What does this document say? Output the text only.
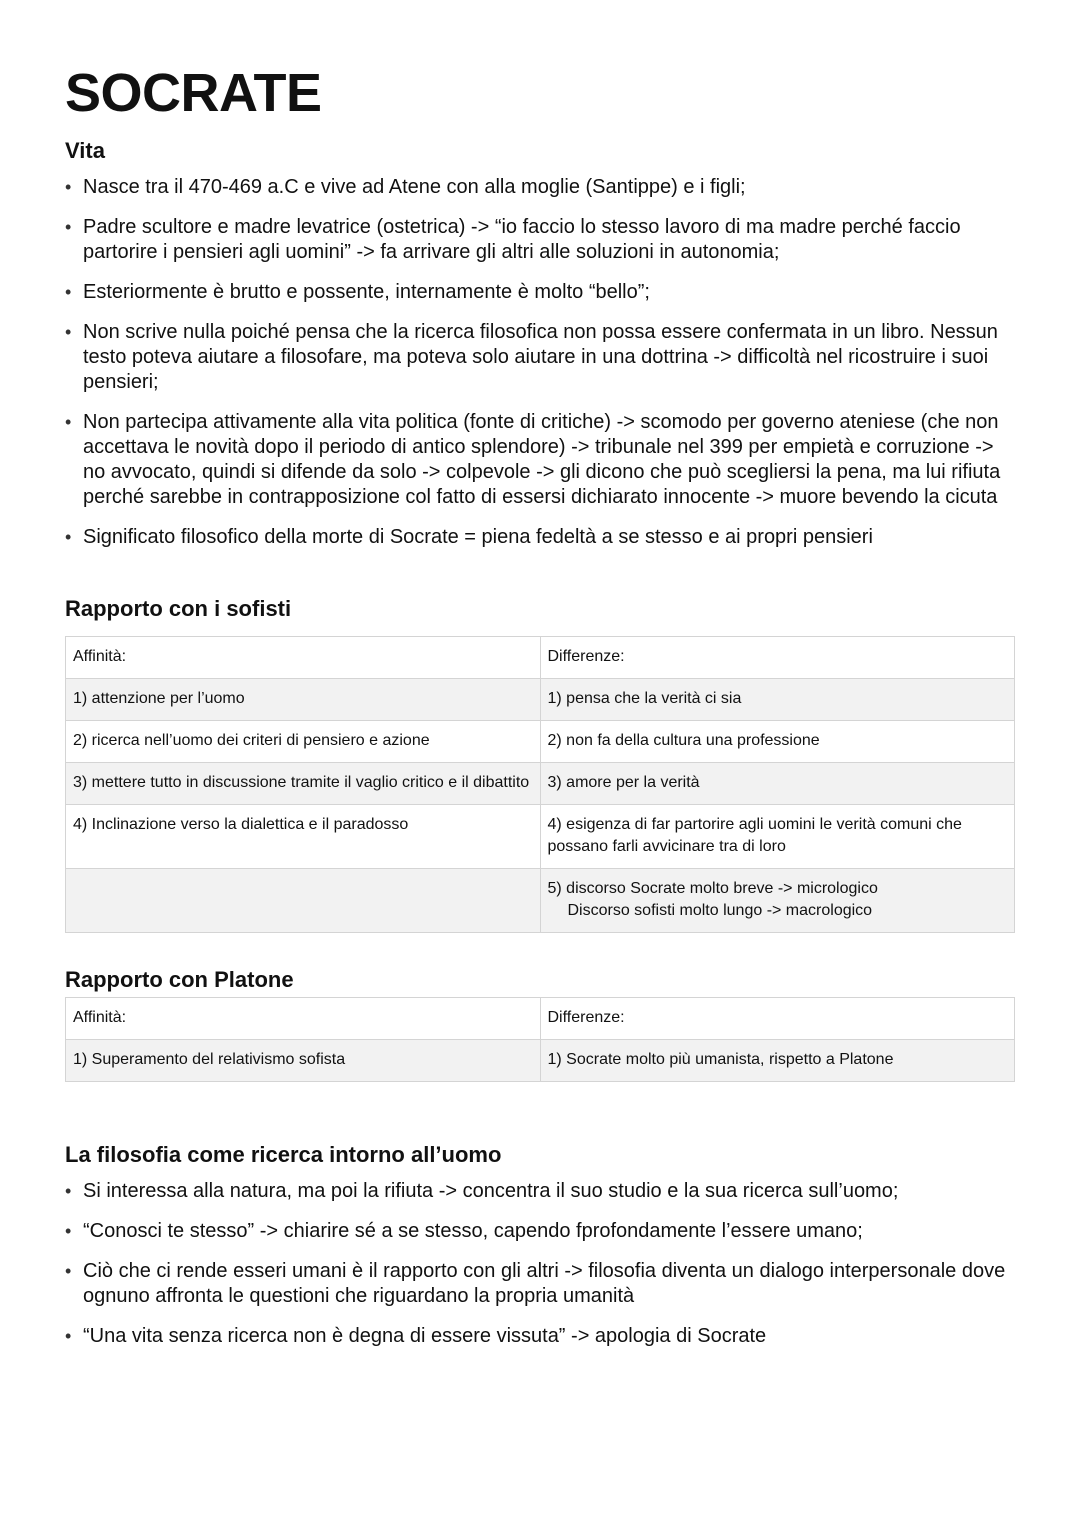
SOCRATE
Vita
• Nasce tra il 470-469 a.C e vive ad Atene con alla moglie (Santippe) e i figli;
• Padre scultore e madre levatrice (ostetrica) -> “io faccio lo stesso lavoro di ma madre perché faccio partorire i pensieri agli uomini” -> fa arrivare gli altri alle soluzioni in autonomia;
• Esteriormente è brutto e possente, internamente è molto “bello”;
• Non scrive nulla poiché pensa che la ricerca filosofica non possa essere confermata in un libro. Nessun testo poteva aiutare a filosofare, ma poteva solo aiutare in una dottrina -> difficoltà nel ricostruire i suoi pensieri;
• Non partecipa attivamente alla vita politica (fonte di critiche) -> scomodo per governo ateniese (che non accettava le novità dopo il periodo di antico splendore) -> tribunale nel 399 per empietà e corruzione -> no avvocato, quindi si difende da solo -> colpevole -> gli dicono che può scegliersi la pena, ma lui rifiuta perché sarebbe in contrapposizione col fatto di essersi dichiarato innocente -> muore bevendo la cicuta
• Significato filosofico della morte di Socrate = piena fedeltà a se stesso e ai propri pensieri
Rapporto con i sofisti
Affinità:	Differenze:
1) attenzione per l’uomo	1) pensa che la verità ci sia
2) ricerca nell’uomo dei criteri di pensiero e azione	2) non fa della cultura una professione
3) mettere tutto in discussione tramite il vaglio critico e il dibattito	3) amore per la verità
4) Inclinazione verso la dialettica e il paradosso	4) esigenza di far partorire agli uomini le verità comuni che possano farli avvicinare tra di loro

	5) discorso Socrate molto breve -> micrologico
Discorso sofisti molto lungo -> macrologico
Rapporto con Platone
Affinità:	Differenze:
1) Superamento del relativismo sofista	1) Socrate molto più umanista, rispetto a Platone
La filosofia come ricerca intorno all’uomo
• Si interessa alla natura, ma poi la rifiuta -> concentra il suo studio e la sua ricerca sull’uomo;
• “Conosci te stesso” -> chiarire sé a se stesso, capendo fprofondamente l’essere umano;
• Ciò che ci rende esseri umani è il rapporto con gli altri -> filosofia diventa un dialogo interpersonale dove ognuno affronta le questioni che riguardano la propria umanità
• “Una vita senza ricerca non è degna di essere vissuta” -> apologia di Socrate
